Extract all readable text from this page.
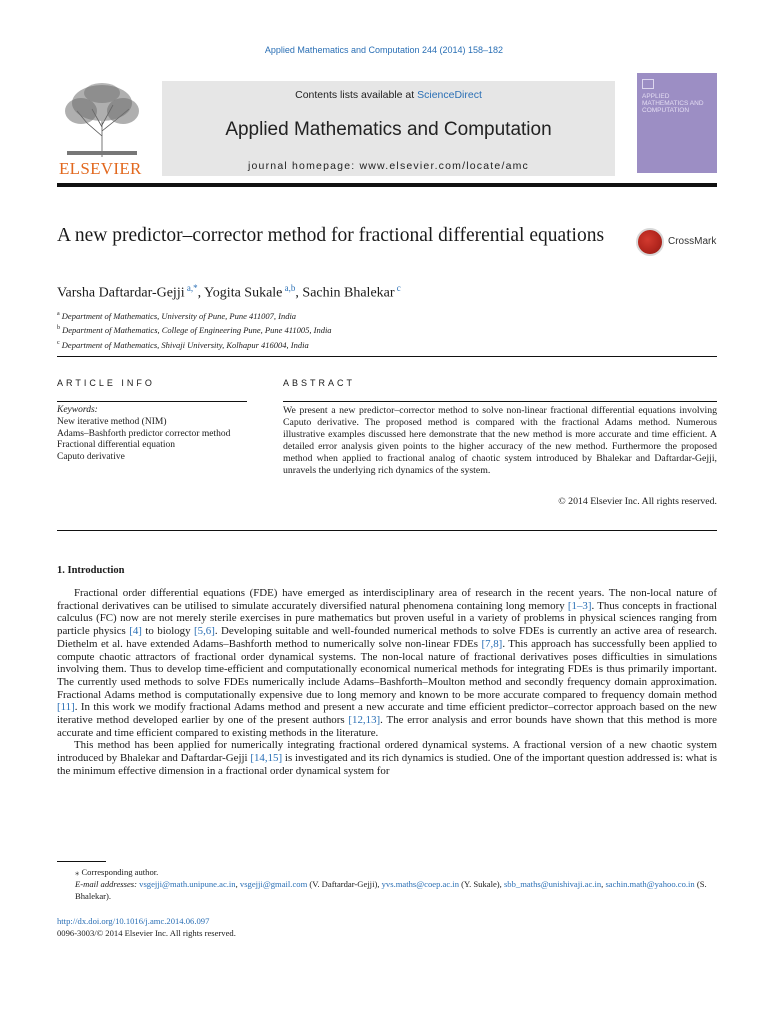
Applied Mathematics and Computation 244 (2014) 158–182
ELSEVIER
Contents lists available at ScienceDirect
Applied Mathematics and Computation
journal homepage: www.elsevier.com/locate/amc
APPLIED MATHEMATICS AND COMPUTATION
A new predictor–corrector method for fractional differential equations	CrossMark
Varsha Daftardar-Gejji $^{a,*}$, Yogita Sukale $^{a,b}$, Sachin Bhalekar $^c$
$^a$ Department of Mathematics, University of Pune, Pune 411007, India
$^b$ Department of Mathematics, College of Engineering Pune, Pune 411005, India
$^c$ Department of Mathematics, Shivaji University, Kolhapur 416004, India
ARTICLE INFO	ABSTRACT
Keywords:
New iterative method (NIM)
Adams–Bashforth predictor corrector method
Fractional differential equation
Caputo derivative
We present a new predictor–corrector method to solve non-linear fractional differential equations involving Caputo derivative. The proposed method is compared with the fractional Adams method. Numerous illustrative examples discussed here demonstrate that the new method is more accurate and time efficient. A detailed error analysis given points to the higher accuracy of the new method. Furthermore the proposed method when applied to fractional analog of chaotic system introduced by Bhalekar and Daftardar-Gejji, unravels the underlying rich dynamics of the system.
© 2014 Elsevier Inc. All rights reserved.
1. Introduction

Fractional order differential equations (FDE) have emerged as interdisciplinary area of research in the recent years. The non-local nature of fractional derivatives can be utilised to simulate accurately diversified natural phenomena containing long memory [1–3]. Thus concepts in fractional calculus (FC) now are not merely sterile exercises in pure mathematics but proven useful in a variety of problems in physical sciences ranging from particle physics [4] to biology [5,6]. Developing suitable and well-founded numerical methods to solve FDEs is currently an active area of research. Diethelm et al. have extended Adams–Bashforth method to numerically solve non-linear FDEs [7,8]. This approach has successfully been applied to compute chaotic attractors of fractional order dynamical systems. The non-local nature of fractional derivatives poses difficulties in simulations involving them. Thus to develop time-efficient and computationally economical numerical methods for integrating FDEs is thus primarily important. The currently used methods to solve FDEs numerically include Adams–Bashforth–Moulton method and secondly frequency domain approximation. Fractional Adams method is computationally expensive due to long memory and known to be more accurate compared to frequency domain method [11]. In this work we modify fractional Adams method and present a new accurate and time efficient predictor–corrector approach based on the new iterative method developed earlier by one of the present authors [12,13]. The error analysis and error bounds have shown that this method is more accurate and time efficient compared to existing methods in the literature.

This method has been applied for numerically integrating fractional ordered dynamical systems. A fractional version of a new chaotic system introduced by Bhalekar and Daftardar-Gejji [14,15] is investigated and its rich dynamics is studied. One of the important question addressed is: what is the minimum effective dimension in a fractional order dynamical system for

⁎ Corresponding author.
E-mail addresses: vsgejji@math.unipune.ac.in, vsgejji@gmail.com (V. Daftardar-Gejji), yvs.maths@coep.ac.in (Y. Sukale), sbb_maths@unishivaji.ac.in, sachin.math@yahoo.co.in (S. Bhalekar).
http://dx.doi.org/10.1016/j.amc.2014.06.097
0096-3003/© 2014 Elsevier Inc. All rights reserved.
